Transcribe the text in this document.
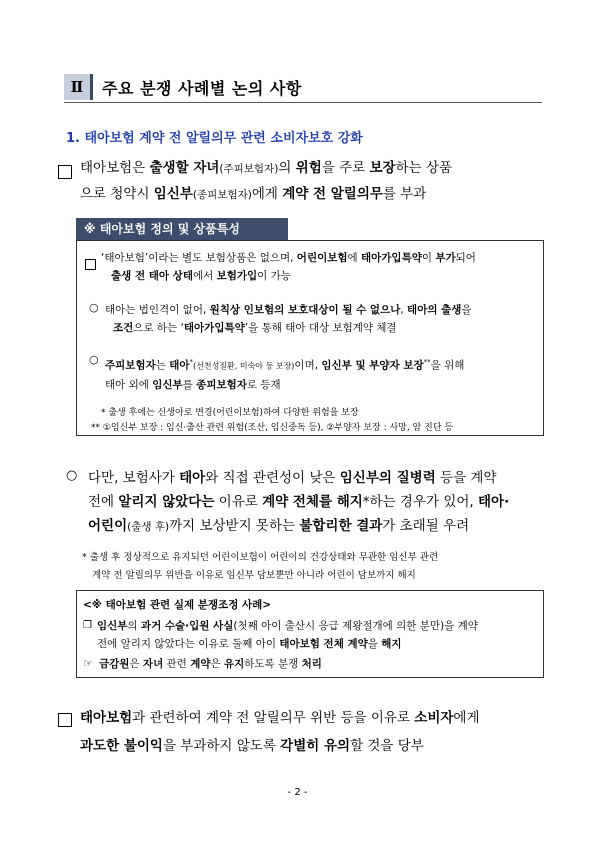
Ⅱ	주요 분쟁 사례별 논의 사항
1. 태아보험 계약 전 알릴의무 관련 소비자보호 강화
태아보험은 출생할 자녀(주피보험자)의 위험을 주로 보장하는 상품
으로 청약시 임신부(종피보험자)에게 계약 전 알릴의무를 부과
※ 태아보험 정의 및 상품특성
‘태아보험’이라는 별도 보험상품은 없으며, 어린이보험에 태아가입특약이 부가되어
출생 전 태아 상태에서 보험가입이 가능
○ 태아는 법인격이 없어, 원칙상 인보험의 보호대상이 될 수 없으나, 태아의 출생을
조건으로 하는 ‘태아가입특약’을 통해 태아 대상 보험계약 체결
○ 주피보험자는 태아*(선천성질환, 미숙아 등 보장)이며, 임신부 및 부양자 보장**을 위해
태아 외에 임신부를 종피보험자로 등재
* 출생 후에는 신생아로 변경(어린이보험)하여 다양한 위험을 보장
** ①임신부 보장 : 임신·출산 관련 위험(조산, 임신중독 등), ②부양자 보장 : 사망, 암 진단 등
○ 다만, 보험사가 태아와 직접 관련성이 낮은 임신부의 질병력 등을 계약
전에 알리지 않았다는 이유로 계약 전체를 해지*하는 경우가 있어, 태아·
어린이(출생 후)까지 보상받지 못하는 불합리한 결과가 초래될 우려
* 출생 후 정상적으로 유지되던 어린이보험이 어린이의 건강상태와 무관한 임신부 관련
계약 전 알릴의무 위반을 이유로 임신부 담보뿐만 아니라 어린이 담보까지 해지
<※ 태아보험 관련 실제 분쟁조정 사례>
❐ 임신부의 과거 수술·입원 사실(첫째 아이 출산시 응급 제왕절개에 의한 분만)을 계약
전에 알리지 않았다는 이유로 둘째 아이 태아보험 전체 계약을 해지
☞ 금감원은 자녀 관련 계약은 유지하도록 분쟁 처리
태아보험과 관련하여 계약 전 알릴의무 위반 등을 이유로 소비자에게
과도한 불이익을 부과하지 않도록 각별히 유의할 것을 당부
- 2 -
